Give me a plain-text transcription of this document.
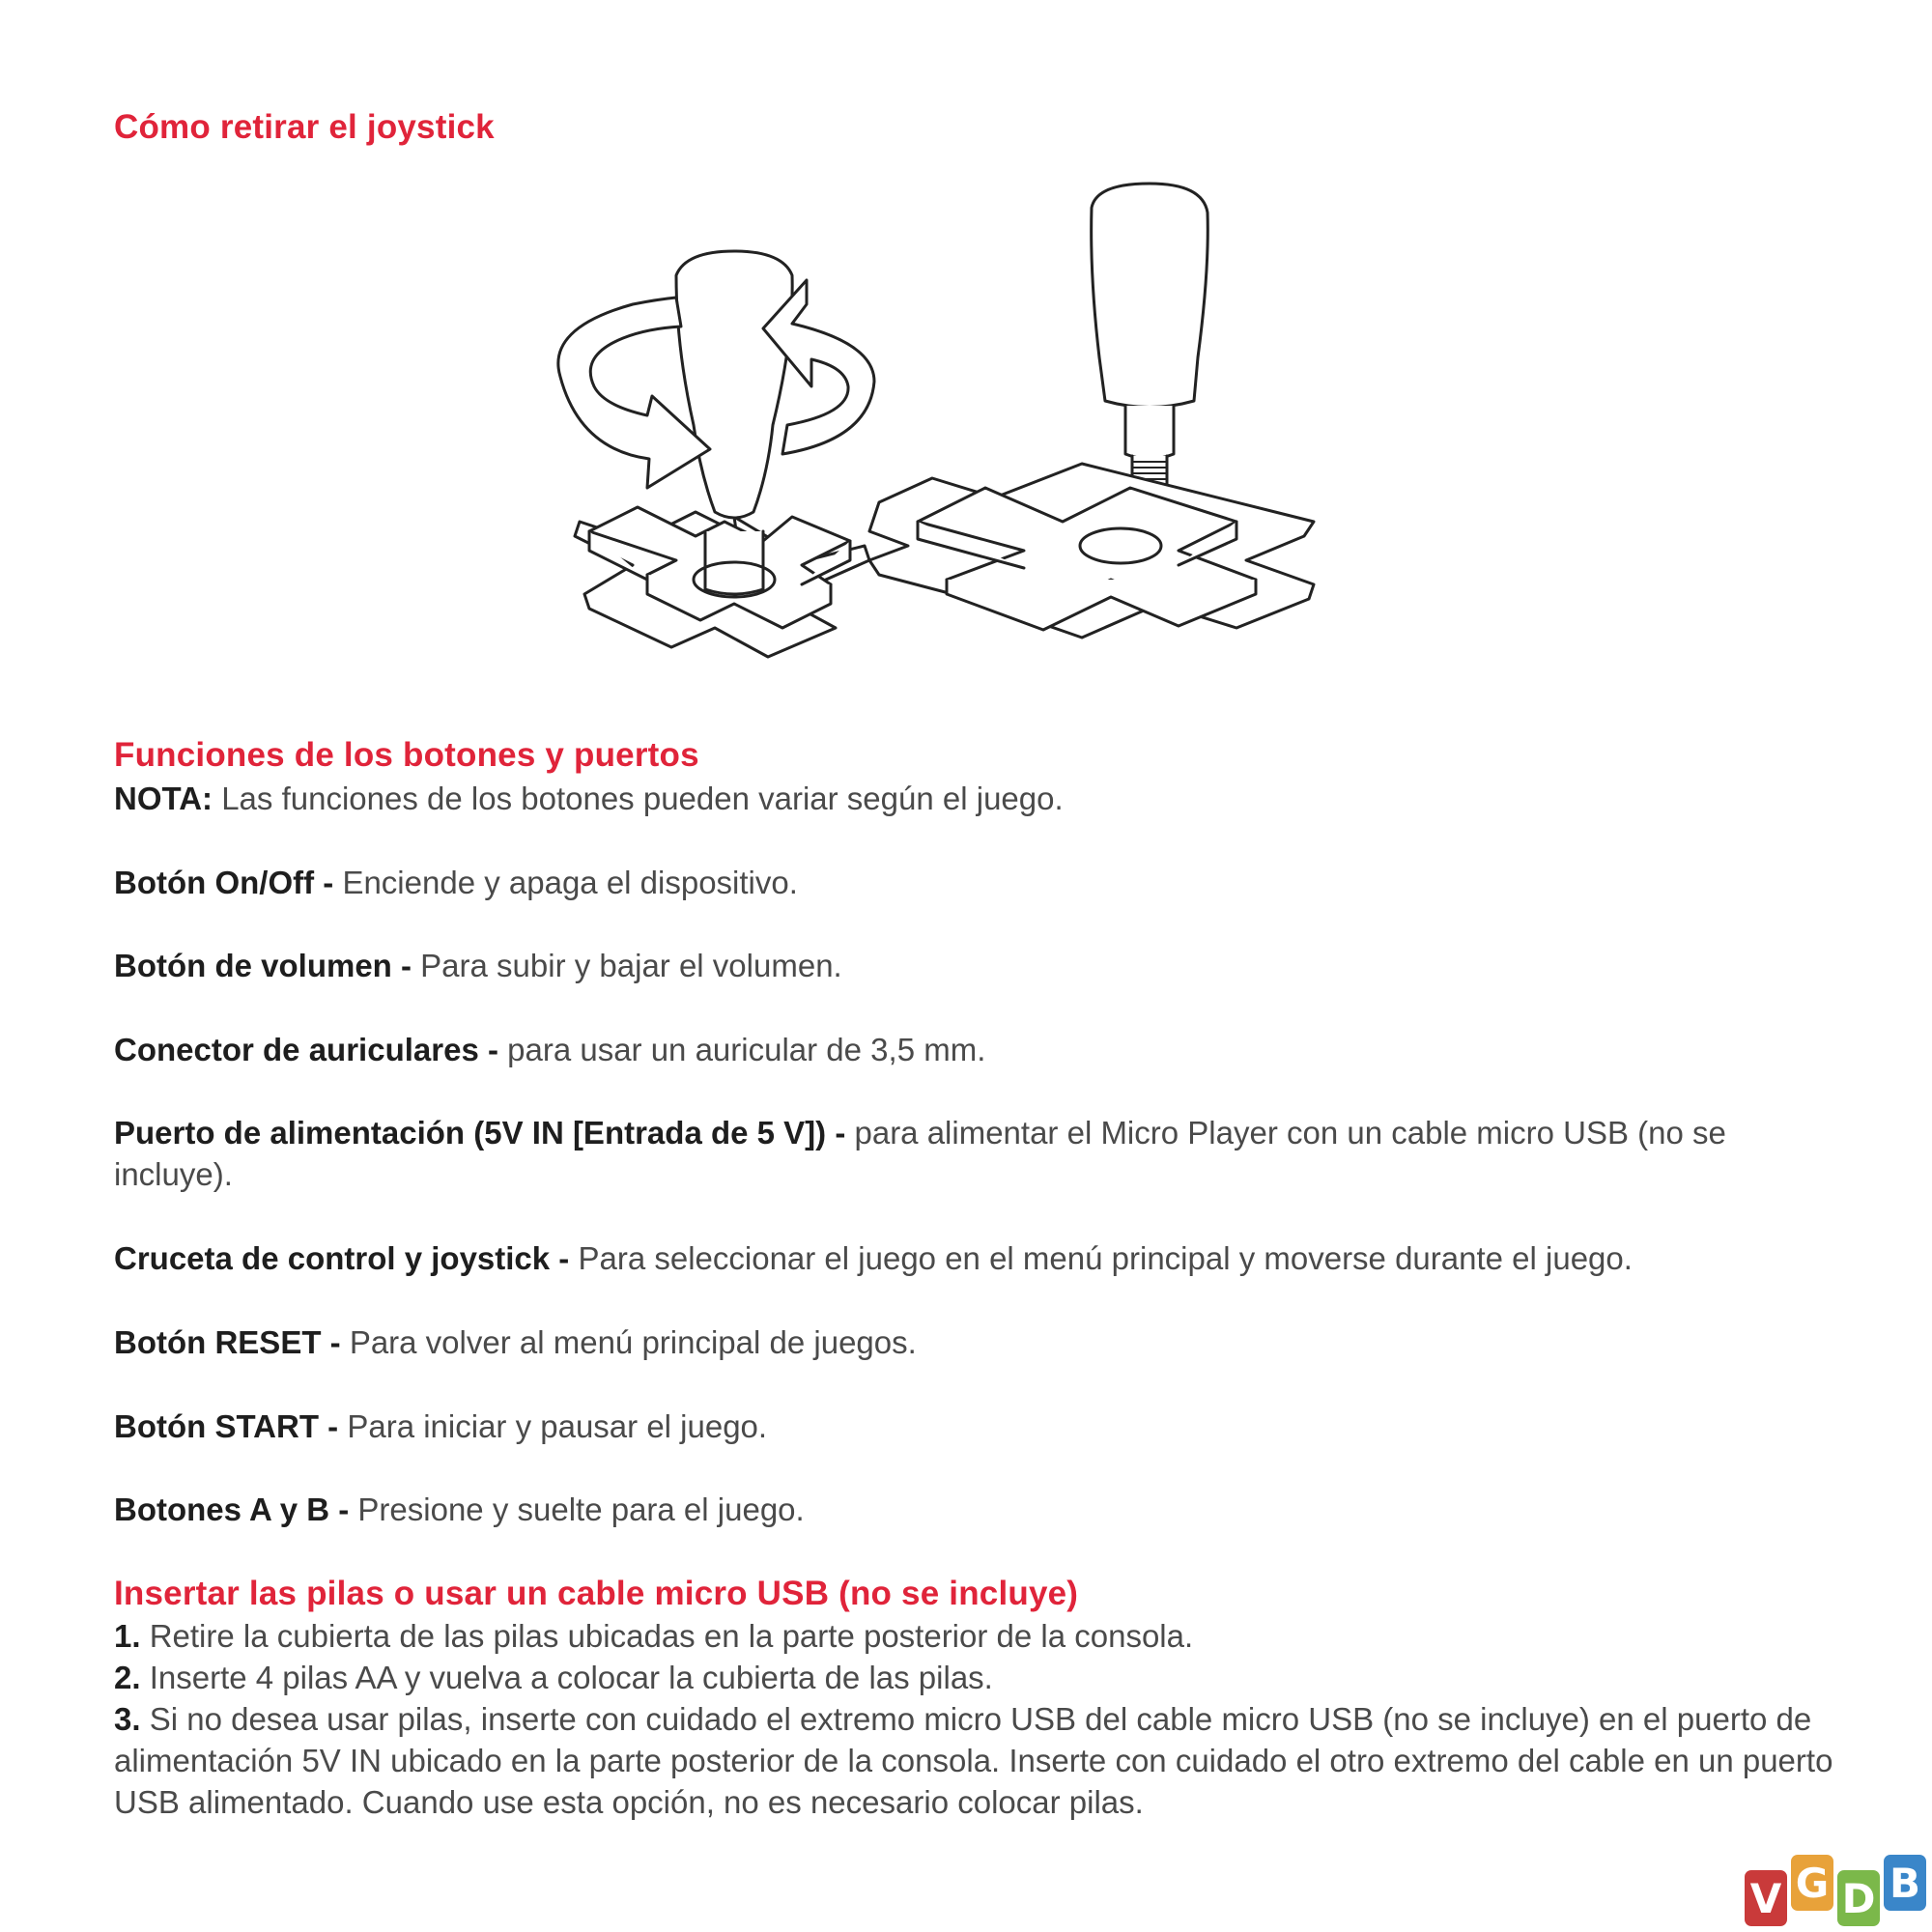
Cómo retirar el joystick
Funciones de los botones y puertos

NOTA: Las funciones de los botones pueden variar según el juego.

Botón On/Off - Enciende y apaga el dispositivo.

Botón de volumen - Para subir y bajar el volumen.

Conector de auriculares - para usar un auricular de 3,5 mm.

Puerto de alimentación (5V IN [Entrada de 5 V]) - para alimentar el Micro Player con un cable micro USB (no se incluye).

Cruceta de control y joystick - Para seleccionar el juego en el menú principal y moverse durante el juego.

Botón RESET - Para volver al menú principal de juegos.

Botón START - Para iniciar y pausar el juego.

Botones A y B - Presione y suelte para el juego.

Insertar las pilas o usar un cable micro USB (no se incluye)
1. Retire la cubierta de las pilas ubicadas en la parte posterior de la consola.
2. Inserte 4 pilas AA y vuelva a colocar la cubierta de las pilas.
3. Si no desea usar pilas, inserte con cuidado el extremo micro USB del cable micro USB (no se incluye) en el puerto de alimentación 5V IN ubicado en la parte posterior de la consola. Inserte con cuidado el otro extremo del cable en un puerto USB alimentado. Cuando use esta opción, no es necesario colocar pilas.
V G D B
